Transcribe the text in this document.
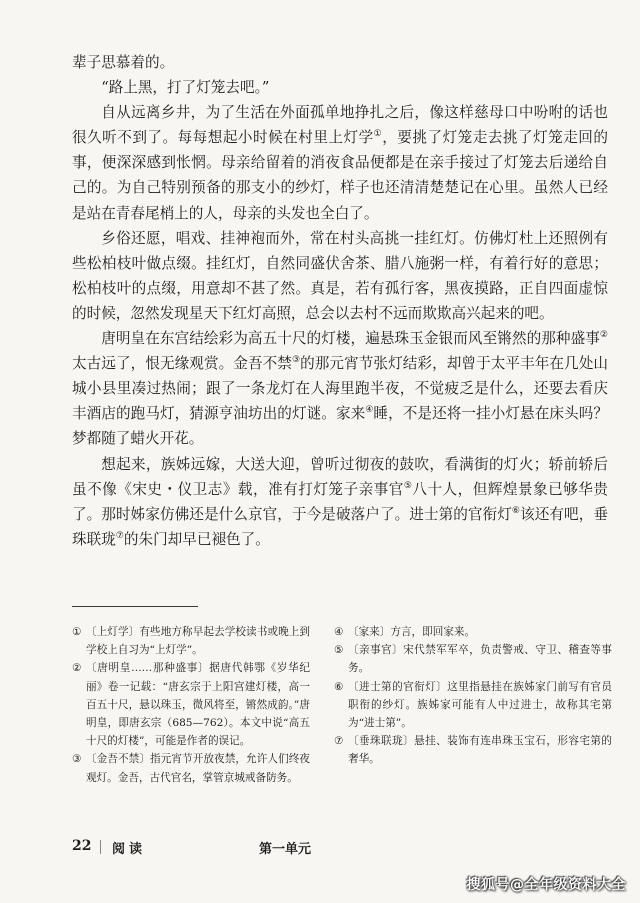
辈子思慕着的。

“路上黑，打了灯笼去吧。”

自从远离乡井，为了生活在外面孤单地挣扎之后，像这样慈母口中吩咐的话也很久听不到了。每每想起小时候在村里上灯学①，要挑了灯笼走去挑了灯笼走回的事，便深深感到怅惘。母亲给留着的消夜食品便都是在亲手接过了灯笼去后递给自己的。为自己特别预备的那支小的纱灯，样子也还清清楚楚记在心里。虽然人已经是站在青春尾梢上的人，母亲的头发也全白了。

乡俗还愿，唱戏、挂神袍而外，常在村头高挑一挂红灯。仿佛灯杜上还照例有些松柏枝叶做点缀。挂红灯，自然同盛伏舍茶、腊八施粥一样，有着行好的意思；松柏枝叶的点缀，用意却不甚了然。真是，若有孤行客，黑夜摸路，正自四面虚惊的时候，忽然发现星天下红灯高照，总会以去村不远而欺欺高兴起来的吧。

唐明皇在东宫结绘彩为高五十尺的灯楼，遍悬珠玉金银而风至锵然的那种盛事②太古远了，恨无缘观赏。金吾不禁③的那元宵节张灯结彩，却曾于太平丰年在几处山城小县里凑过热闹；跟了一条龙灯在人海里跑半夜，不觉疲乏是什么，还要去看庆丰酒店的跑马灯，猜源亨油坊出的灯谜。家来④睡，不是还将一挂小灯悬在床头吗？梦都随了蜡火开花。

想起来，族姊远嫁，大送大迎，曾听过彻夜的鼓吹，看满街的灯火；轿前轿后虽不像《宋史・仪卫志》载，准有打灯笼子亲事官⑤八十人，但辉煌景象已够华贵了。那时姊家仿佛还是什么京官，于今是破落户了。进士第的官衔灯⑥该还有吧，垂珠联珑⑦的朱门却早已褪色了。

① 〔上灯学〕有些地方称早起去学校读书或晚上到学校上自习为“上灯学”。
② 〔唐明皇……那种盛事〕据唐代韩鄂《岁华纪丽》卷一记载：“唐玄宗于上阳宫建灯楼，高一百五十尺，悬以珠玉，微风将至，锵然成韵。”唐明皇，即唐玄宗（685—762）。本文中说“高五十尺的灯楼”，可能是作者的误记。
③ 〔金吾不禁〕指元宵节开放夜禁，允许人们终夜观灯。金吾，古代官名，掌管京城戒备防务。
④ 〔家来〕方言，即回家来。
⑤ 〔亲事官〕宋代禁军军卒，负责警戒、守卫、稽查等事务。
⑥ 〔进士第的官衔灯〕这里指悬挂在族姊家门前写有官员职衔的纱灯。族姊家可能有人中过进士，故称其宅第为“进士第”。
⑦ 〔垂珠联珑〕悬挂、装饰有连串珠玉宝石，形容宅第的奢华。
22 阅读	第一单元
搜狐号@全年级资料大全
